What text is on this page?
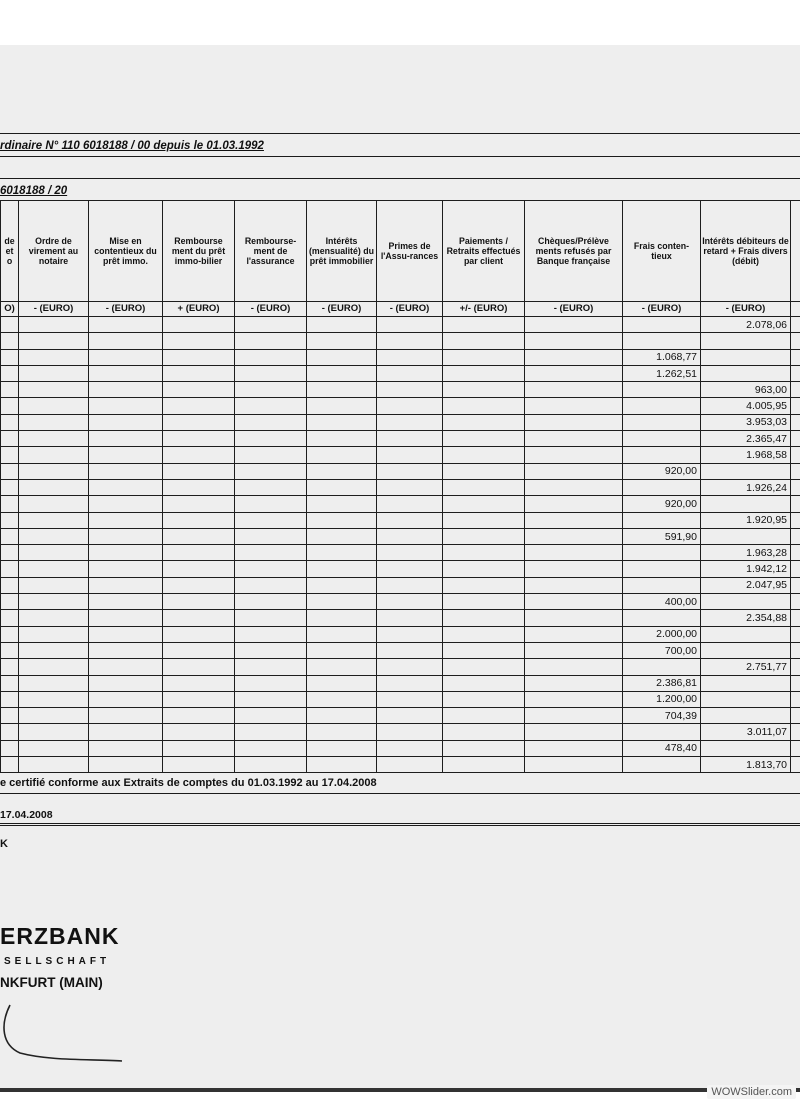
rdinaire N° 110 6018188 / 00 depuis le 01.03.1992
6018188 / 20
de et o	Ordre de virement au notaire	Mise en contentieux du prêt immo.	Rembourse ment du prêt immo-bilier	Rembourse-ment de l'assurance	Intérêts (mensualité) du prêt immobilier	Primes de l'Assu-rances	Paiements / Retraits effectués par client	Chèques/Prélève ments refusés par Banque française	Frais conten-tieux	Intérêts débiteurs de retard + Frais divers (débit)	
O)	- (EURO)	- (EURO)	+ (EURO)	- (EURO)	- (EURO)	- (EURO)	+/- (EURO)	- (EURO)	- (EURO)	- (EURO)	
										2.078,06	

									1.068,77		
									1.262,51		
										963,00	
										4.005,95	
										3.953,03	
										2.365,47	
										1.968,58	
									920,00		
										1.926,24	
									920,00		
										1.920,95	
									591,90		
										1.963,28	
										1.942,12	
										2.047,95	
									400,00		
										2.354,88	
									2.000,00		
									700,00		
										2.751,77	
									2.386,81		
									1.200,00		
									704,39		
										3.011,07	
									478,40		
										1.813,70	
e certifié conforme aux Extraits de comptes du 01.03.1992 au 17.04.2008
17.04.2008
K
ERZBANK
SELLSCHAFT
NKFURT (MAIN)
WOWSlider.com
